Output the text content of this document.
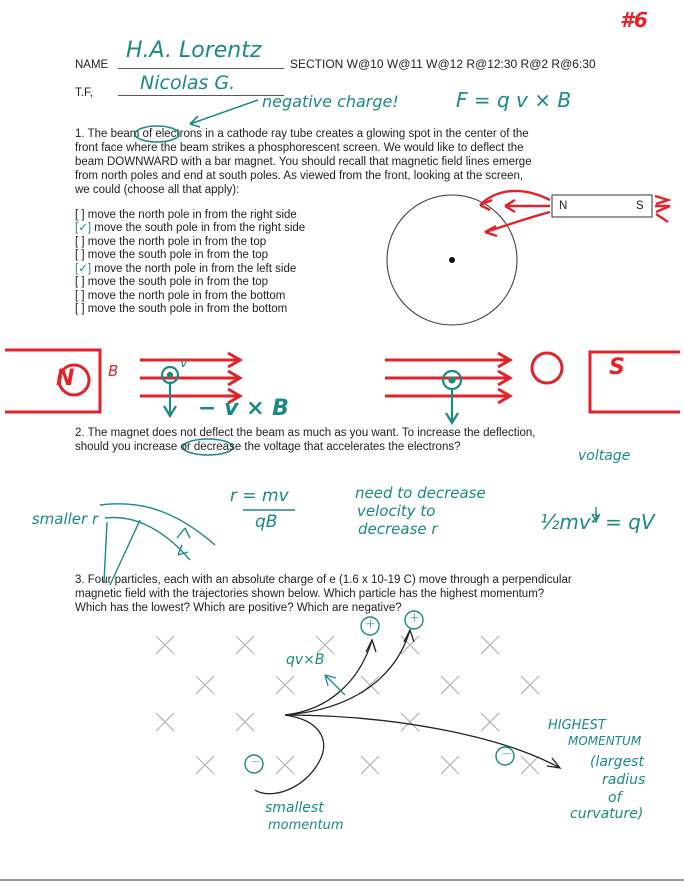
#6
NAME
H.A. Lorentz
SECTION W@10 W@11 W@12 R@12:30 R@2 R@6:30
T.F, Nicolas G.
negative charge!	F = q v × B
1. The beam of electrons in a cathode ray tube creates a glowing spot in the center of the
front face where the beam strikes a phosphorescent screen. We would like to deflect the
beam DOWNWARD with a bar magnet. You should recall that magnetic field lines emerge
from north poles and end at south poles. As viewed from the front, looking at the screen,
we could (choose all that apply):
[ ] move the north pole in from the right side
[✓] move the south pole in from the right side
[ ] move the north pole in from the top
[ ] move the south pole in from the top
[✓] move the north pole in from the left side
[ ] move the south pole in from the top
[ ] move the north pole in from the bottom
[ ] move the south pole in from the bottom
N B	v
− v × B
S
N	S
2. The magnet does not deflect the beam as much as you want. To increase the deflection,
should you increase or decrease the voltage that accelerates the electrons?
smaller r
r = mv
qB
need to decrease
velocity to
decrease r
voltage
½mv² = qV
3. Four particles, each with an absolute charge of e (1.6 x 10-19 C) move through a perpendicular
magnetic field with the trajectories shown below. Which particle has the highest momentum?
Which has the lowest? Which are positive? Which are negative?
qv×B
+	+
−
−
smallest
momentum
HIGHEST
MOMENTUM
(largest
radius
of
curvature)
